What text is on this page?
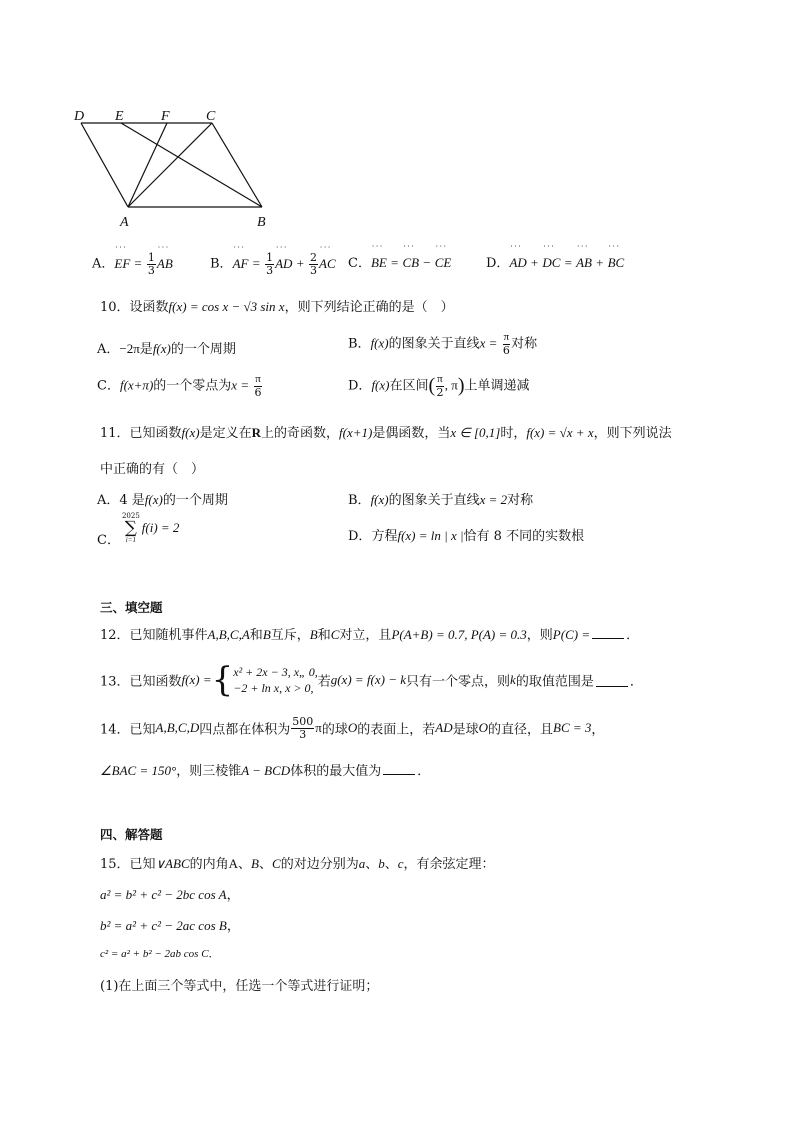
D E	F	C
A	B
A．˙˙˙ EF = $\frac{1}{3}$ ˙˙˙ AB	B．˙˙˙ AF = $\frac{1}{3}$ ˙˙˙ AD + $\frac{2}{3}$ ˙˙˙ AC C．˙˙˙ BE = ˙˙˙ CB − ˙˙˙ CE	D．˙˙˙ AD + ˙˙˙ DC = ˙˙˙ AB + ˙˙˙ BC
10．设函数f(x) = cos x − √3 sin x，则下列结论正确的是（　）
A．−2π是f(x)的一个周期	B．f(x)的图象关于直线$x = \frac{\pi}{6}$ 对称
C．f(x+π)的一个零点为$x = \frac{\pi}{6}$	D．f(x)在区间( $\frac{\pi}{2}$ , π)上单调递减
11．已知函数f(x)是定义在R上的奇函数，f(x+1)是偶函数，当x ∈ [0,1]时，f(x) = √x + x，则下列说法
中正确的有（　）
A．4 是f(x)的一个周期	B．f(x)的图象关于直线x = 2对称
C．
2025
∑
i=1
f(i) = 2
D．方程f(x) = ln | x |恰有 8 不同的实数根
三、填空题
12．已知随机事件A,B,C,A和B互斥，B和C对立，且P(A+B) = 0.7, P(A) = 0.3，则P(C) =	．
13．已知函数f(x) ={ x² + 2x − 3, x„ 0,
−2 + ln x, x > 0, 若g(x) = f(x) − k只有一个零点，则k的取值范围是	．
14．已知A,B,C,D四点都在体积为 $\frac{500}{3}$ π的球O的表面上，若AD是球O的直径，且BC = 3，
∠BAC = 150°，则三棱锥A − BCD体积的最大值为	．
四、解答题
15．已知∨ABC的内角A、B、C的对边分别为a、b、c，有余弦定理：
a² = b² + c² − 2bc cos A，
b² = a² + c² − 2ac cos B，
c² = a² + b² − 2ab cos C．
(1)在上面三个等式中，任选一个等式进行证明；
